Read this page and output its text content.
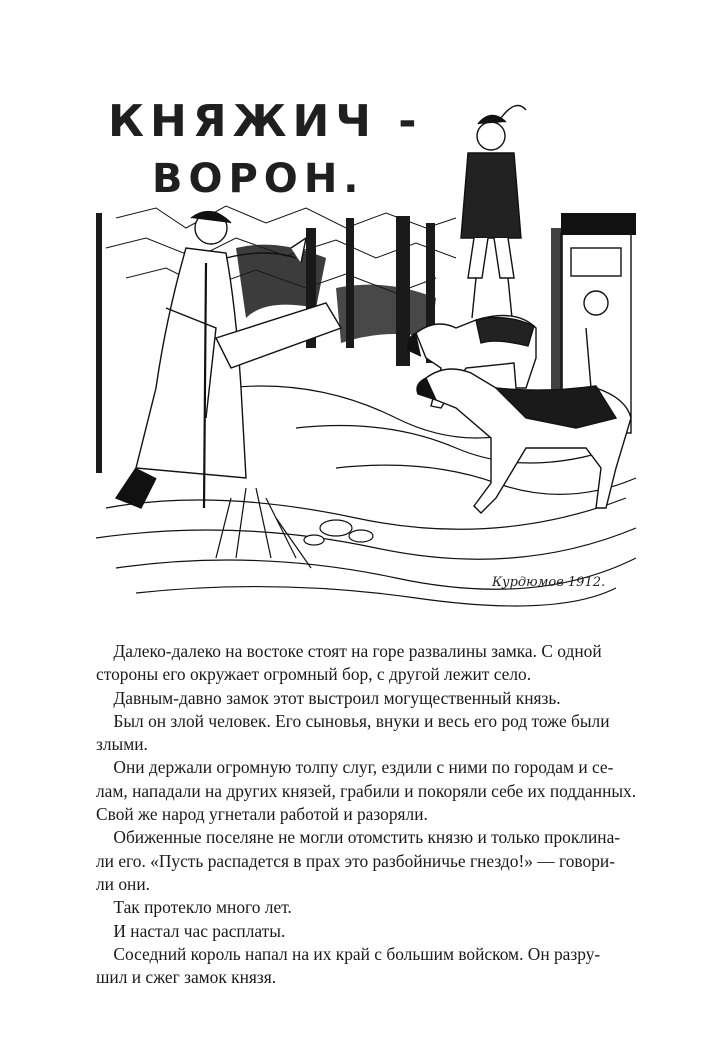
КНЯЖИЧ -
ВОРОН.
Курдюмов 1912.
Далеко-далеко на востоке стоят на горе развалины замка. С одной
стороны его окружает огромный бор, с другой лежит село.
Давным-давно замок этот выстроил могущественный князь.
Был он злой человек. Его сыновья, внуки и весь его род тоже были
злыми.
Они держали огромную толпу слуг, ездили с ними по городам и се-
лам, нападали на других князей, грабили и покоряли себе их подданных.
Свой же народ угнетали работой и разоряли.
Обиженные поселяне не могли отомстить князю и только проклина-
ли его. «Пусть распадется в прах это разбойничье гнездо!» — говори-
ли они.
Так протекло много лет.
И настал час расплаты.
Соседний король напал на их край с большим войском. Он разру-
шил и сжег замок князя.
